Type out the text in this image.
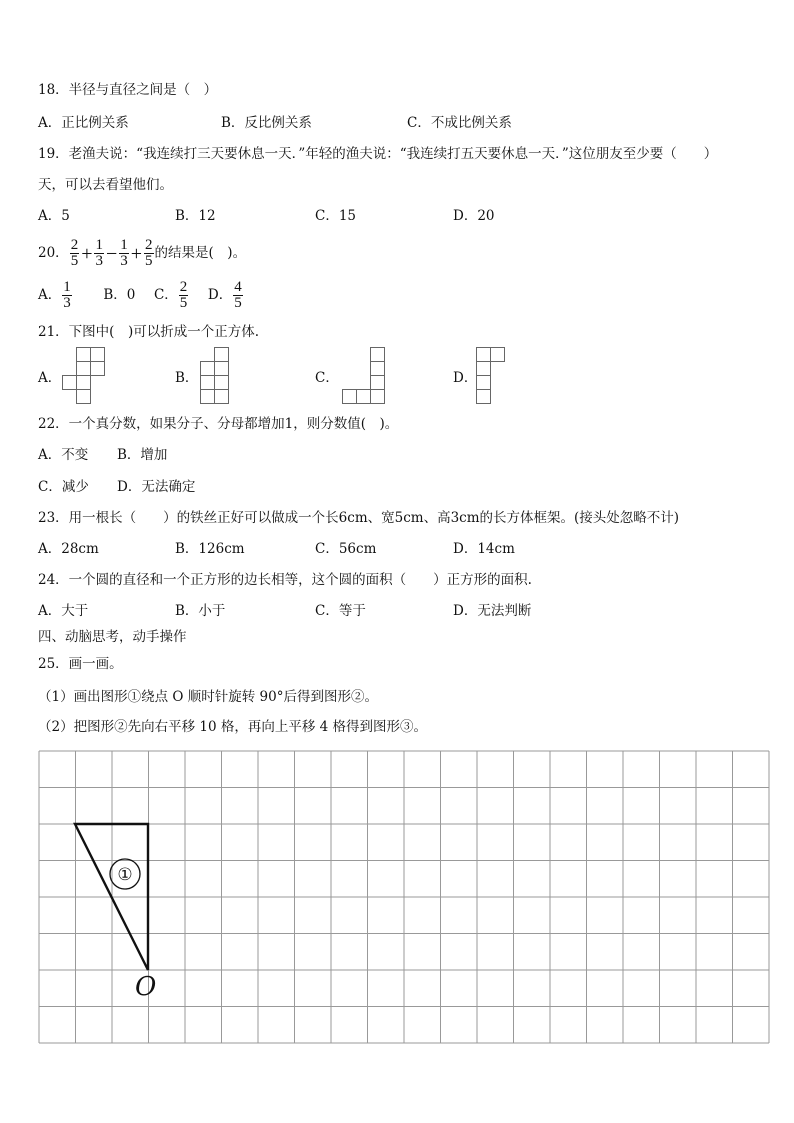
18．半径与直径之间是（　）
A．正比例关系	B．反比例关系	C．不成比例关系
19．老渔夫说：“我连续打三天要休息一天．”年轻的渔夫说：“我连续打五天要休息一天．”这位朋友至少要（　　）
天，可以去看望他们。
A．5	B．12	C．15	D．20
20． $\frac{2}{5} + \frac{1}{3} - \frac{1}{3} + \frac{2}{5}$ 的结果是(　)。
A． $\frac{1}{3}$ B．0 C． $\frac{2}{5}$ D． $\frac{4}{5}$
21．下图中(　)可以折成一个正方体.
A．	B．	C．	D．
22．一个真分数，如果分子、分母都增加1，则分数值(　)。
A．不变 B．增加
C．减少 D．无法确定
23．用一根长（　　）的铁丝正好可以做成一个长6cm、宽5cm、高3cm的长方体框架。(接头处忽略不计)
A．28cm	B．126cm	C．56cm	D．14cm
24．一个圆的直径和一个正方形的边长相等，这个圆的面积（　　）正方形的面积.
A．大于	B．小于	C．等于	D．无法判断
四、动脑思考，动手操作
25．画一画。
（1）画出图形①绕点 O 顺时针旋转 90°后得到图形②。
（2）把图形②先向右平移 10 格，再向上平移 4 格得到图形③。
①
O
